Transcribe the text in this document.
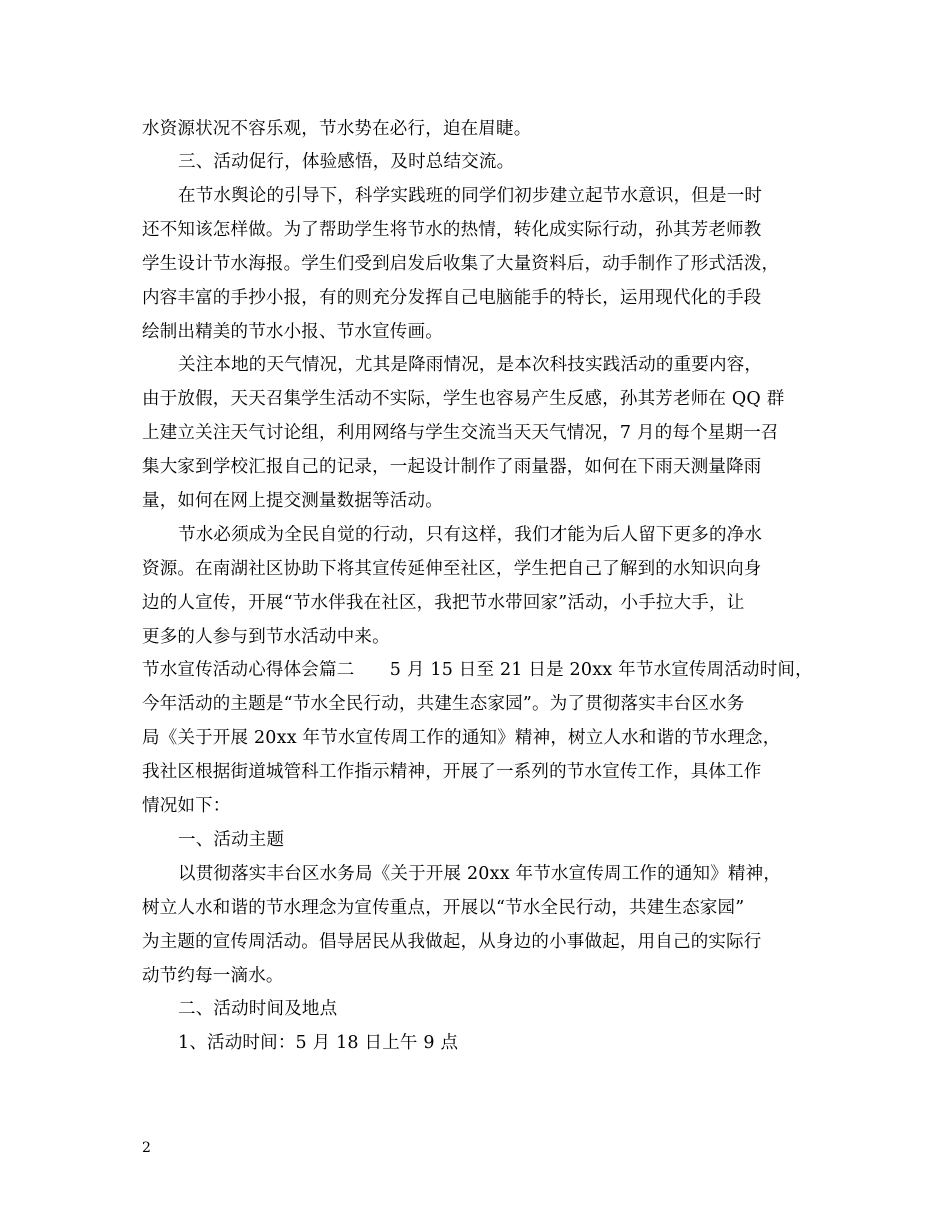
水资源状况不容乐观，节水势在必行，迫在眉睫。
三、活动促行，体验感悟，及时总结交流。
在节水舆论的引导下，科学实践班的同学们初步建立起节水意识，但是一时
还不知该怎样做。为了帮助学生将节水的热情，转化成实际行动，孙其芳老师教
学生设计节水海报。学生们受到启发后收集了大量资料后，动手制作了形式活泼，
内容丰富的手抄小报，有的则充分发挥自己电脑能手的特长，运用现代化的手段
绘制出精美的节水小报、节水宣传画。
关注本地的天气情况，尤其是降雨情况，是本次科技实践活动的重要内容，
由于放假，天天召集学生活动不实际，学生也容易产生反感，孙其芳老师在 QQ 群
上建立关注天气讨论组，利用网络与学生交流当天天气情况，7 月的每个星期一召
集大家到学校汇报自己的记录，一起设计制作了雨量器，如何在下雨天测量降雨
量，如何在网上提交测量数据等活动。
节水必须成为全民自觉的行动，只有这样，我们才能为后人留下更多的净水
资源。在南湖社区协助下将其宣传延伸至社区，学生把自己了解到的水知识向身
边的人宣传，开展“节水伴我在社区，我把节水带回家”活动，小手拉大手，让
更多的人参与到节水活动中来。
节水宣传活动心得体会篇二　　5 月 15 日至 21 日是 20xx 年节水宣传周活动时间，
今年活动的主题是“节水全民行动，共建生态家园”。为了贯彻落实丰台区水务
局《关于开展 20xx 年节水宣传周工作的通知》精神，树立人水和谐的节水理念，
我社区根据街道城管科工作指示精神，开展了一系列的节水宣传工作，具体工作
情况如下：
一、活动主题
以贯彻落实丰台区水务局《关于开展 20xx 年节水宣传周工作的通知》精神，
树立人水和谐的节水理念为宣传重点，开展以“节水全民行动，共建生态家园”
为主题的宣传周活动。倡导居民从我做起，从身边的小事做起，用自己的实际行
动节约每一滴水。
二、活动时间及地点
1、活动时间：5 月 18 日上午 9 点
2
